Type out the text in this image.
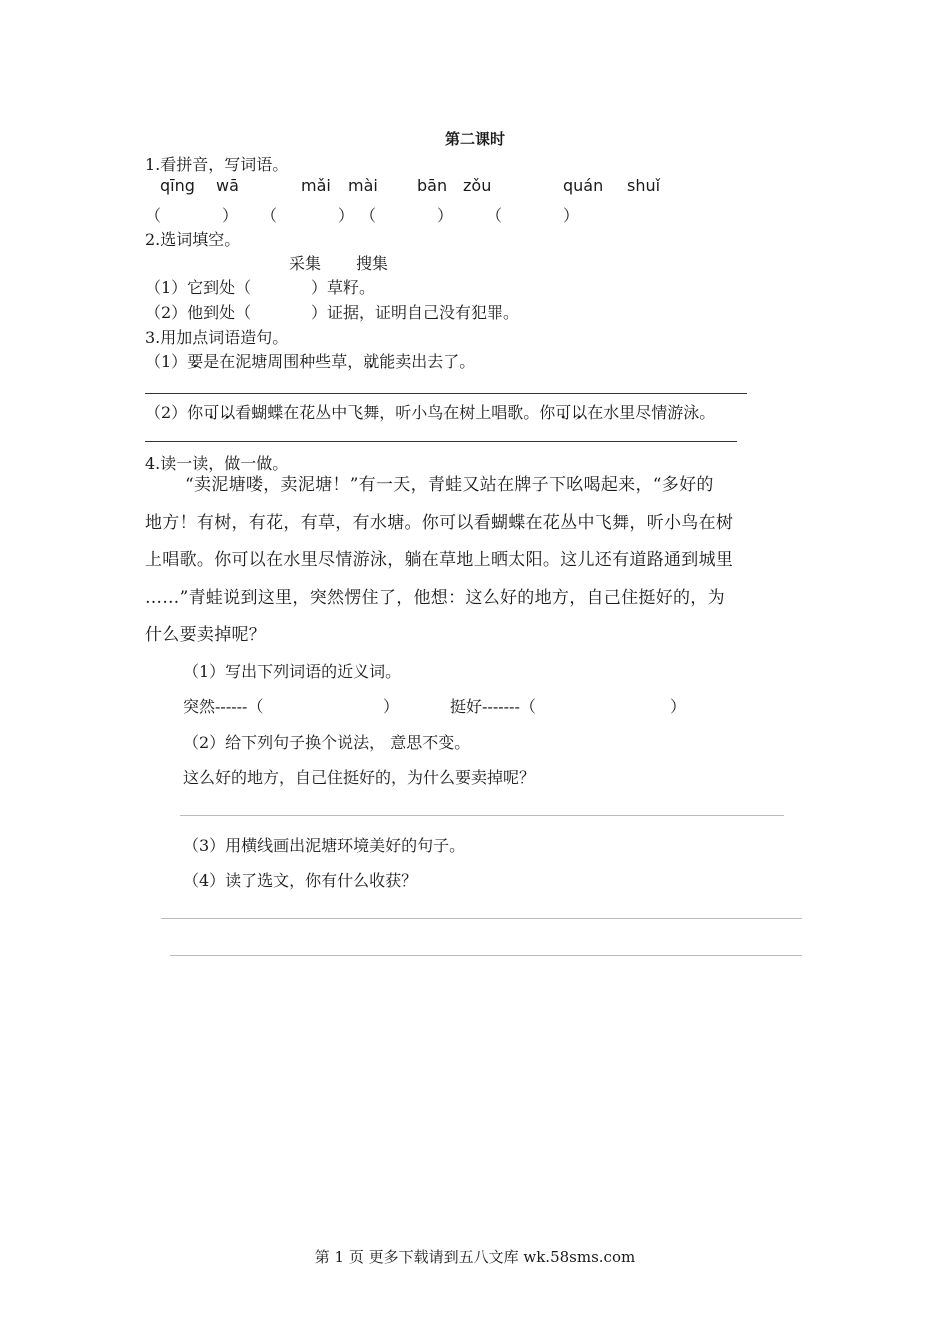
第二课时
1.看拼音，写词语。
qīng wā	mǎi mài bān zǒu	quán shuǐ
（	） （	） （	） （	）
2.选词填空。
采集 搜集
（1）它到处（	）草籽。
（2）他到处（	）证据，证明自己没有犯罪。
3.用加点词语造句。
（1）要是在泥塘周围种些草，就能卖出去了。
（2）你可以看蝴蝶在花丛中飞舞，听小鸟在树上唱歌。你可以在水里尽情游泳。
4.读一读，做一做。
“卖泥塘喽，卖泥塘！”有一天，青蛙又站在牌子下吆喝起来，“多好的
地方！有树，有花，有草，有水塘。你可以看蝴蝶在花丛中飞舞，听小鸟在树
上唱歌。你可以在水里尽情游泳，躺在草地上晒太阳。这儿还有道路通到城里
……”青蛙说到这里，突然愣住了，他想：这么好的地方，自己住挺好的，为
什么要卖掉呢？
（1）写出下列词语的近义词。
突然------（	）	挺好-------（	）
（2）给下列句子换个说法， 意思不变。
这么好的地方，自己住挺好的，为什么要卖掉呢？
（3）用横线画出泥塘环境美好的句子。
（4）读了选文，你有什么收获？
第 1 页 更多下载请到五八文库 wk.58sms.com
